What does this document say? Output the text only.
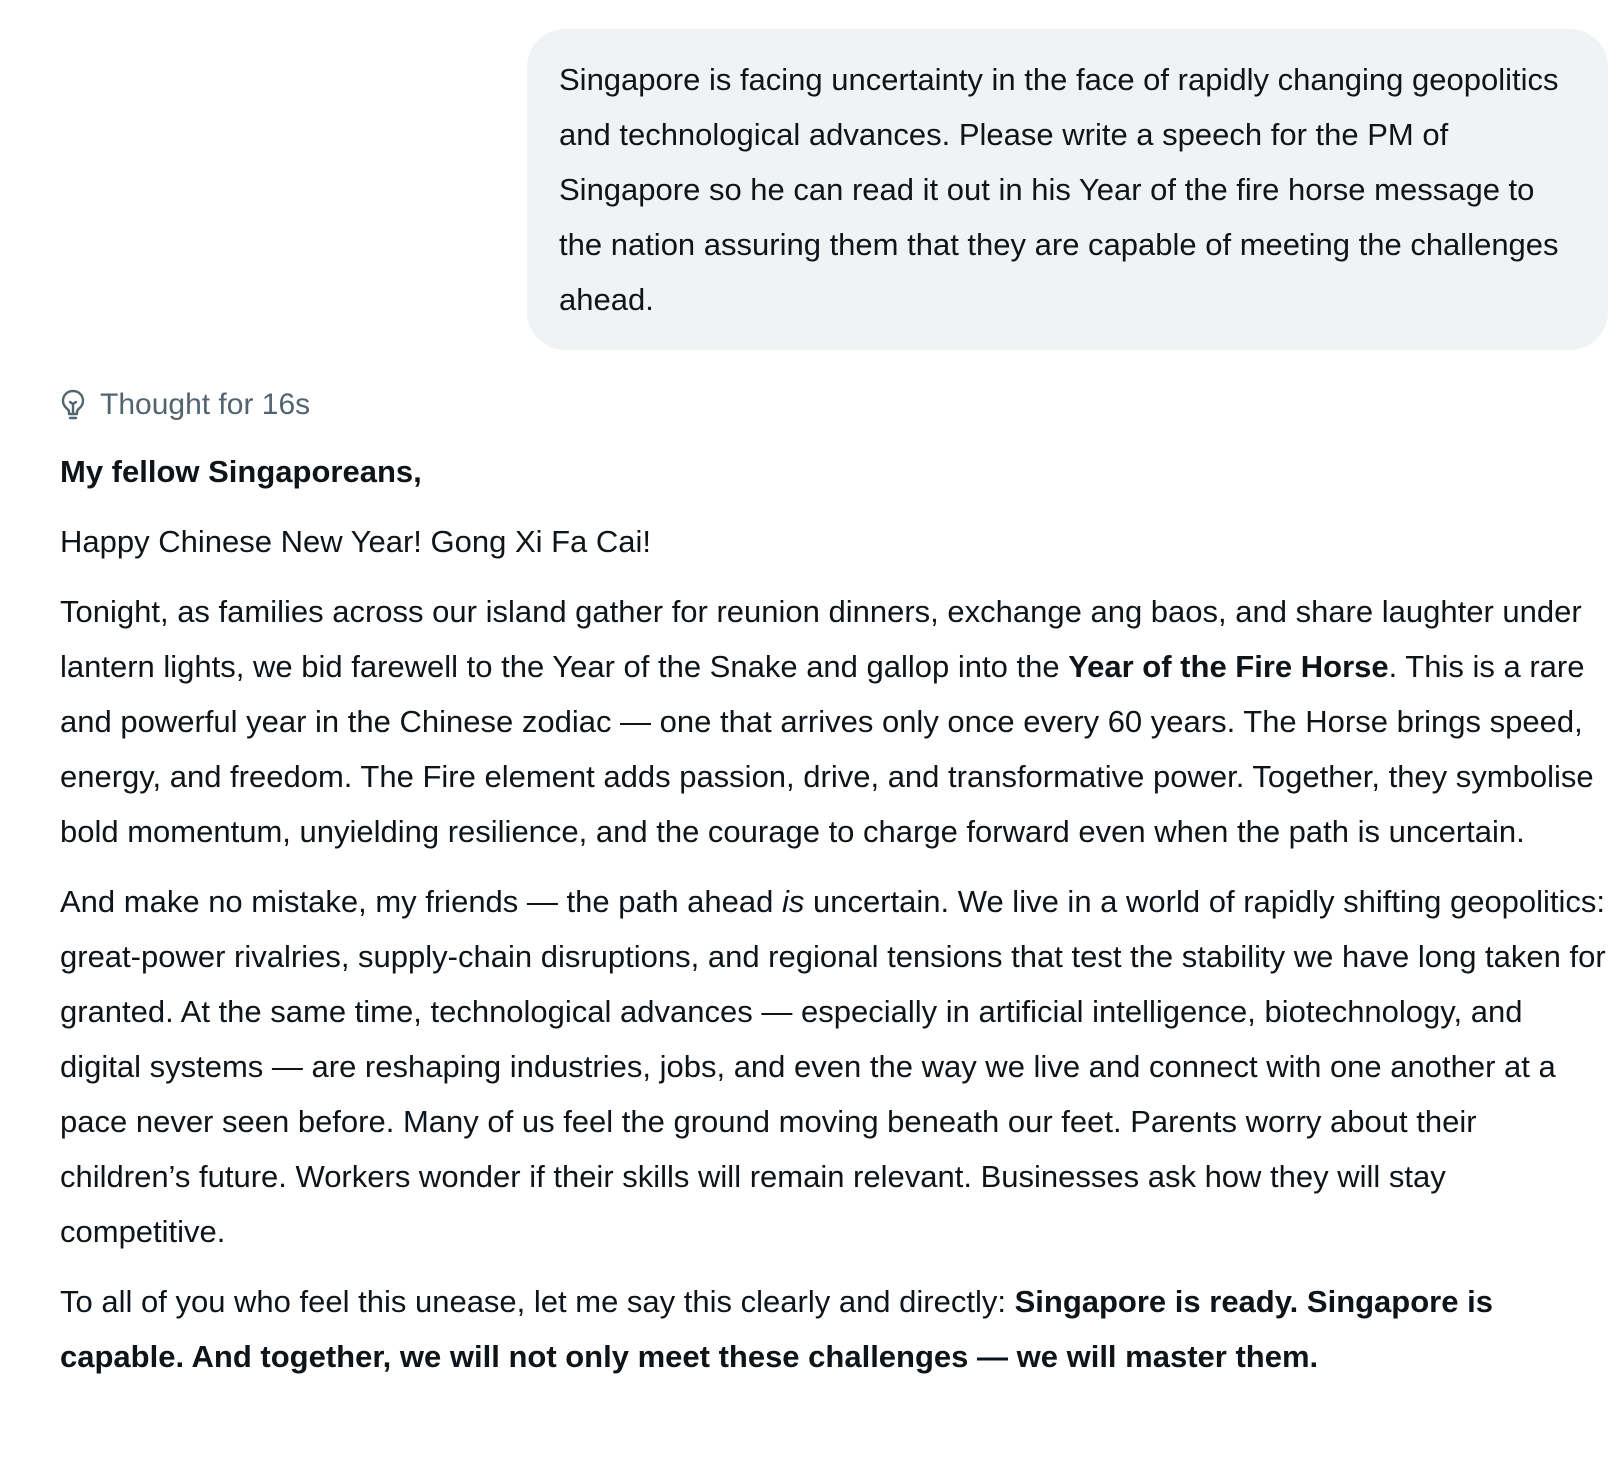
Singapore is facing uncertainty in the face of rapidly changing geopolitics and technological advances. Please write a speech for the PM of Singapore so he can read it out in his Year of the fire horse message to the nation assuring them that they are capable of meeting the challenges ahead.
Thought for 16s

My fellow Singaporeans,

Happy Chinese New Year! Gong Xi Fa Cai!

Tonight, as families across our island gather for reunion dinners, exchange ang baos, and share laughter under lantern lights, we bid farewell to the Year of the Snake and gallop into the Year of the Fire Horse. This is a rare and powerful year in the Chinese zodiac — one that arrives only once every 60 years. The Horse brings speed, energy, and freedom. The Fire element adds passion, drive, and transformative power. Together, they symbolise bold momentum, unyielding resilience, and the courage to charge forward even when the path is uncertain.

And make no mistake, my friends — the path ahead is uncertain. We live in a world of rapidly shifting geopolitics: great-power rivalries, supply-chain disruptions, and regional tensions that test the stability we have long taken for granted. At the same time, technological advances — especially in artificial intelligence, biotechnology, and digital systems — are reshaping industries, jobs, and even the way we live and connect with one another at a pace never seen before. Many of us feel the ground moving beneath our feet. Parents worry about their children’s future. Workers wonder if their skills will remain relevant. Businesses ask how they will stay competitive.

To all of you who feel this unease, let me say this clearly and directly: Singapore is ready. Singapore is capable. And together, we will not only meet these challenges — we will master them.
